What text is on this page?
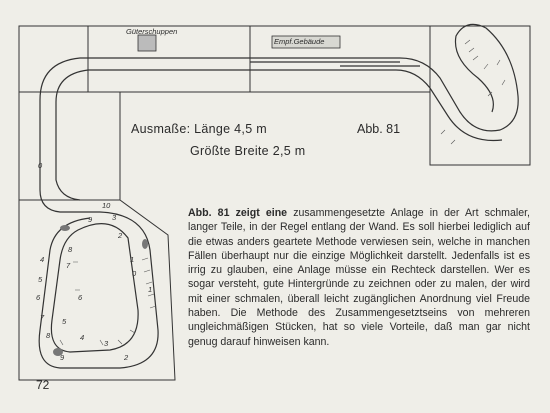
0
10
9
8
7
6
5
4
3
2
1
0
1
2
3
4
5
6
7
8
9
Güterschuppen
Empf.Gebäude
Ausmaße: Länge 4,5 m
Größte Breite 2,5 m
Abb. 81
Abb. 81 zeigt eine zusammengesetzte Anlage in der Art schmaler, langer Teile, in der Regel entlang der Wand. Es soll hierbei lediglich auf die etwas anders geartete Methode verwiesen sein, welche in manchen Fällen überhaupt nur die einzige Möglichkeit darstellt. Jedenfalls ist es irrig zu glauben, eine Anlage müsse ein Rechteck darstellen. Wer es sogar versteht, gute Hintergründe zu zeichnen oder zu malen, der wird mit einer schmalen, überall leicht zugänglichen Anordnung viel Freude haben. Die Methode des Zusammengesetztseins von mehreren ungleichmäßigen Stücken, hat so viele Vorteile, daß man gar nicht genug darauf hinweisen kann.
72
